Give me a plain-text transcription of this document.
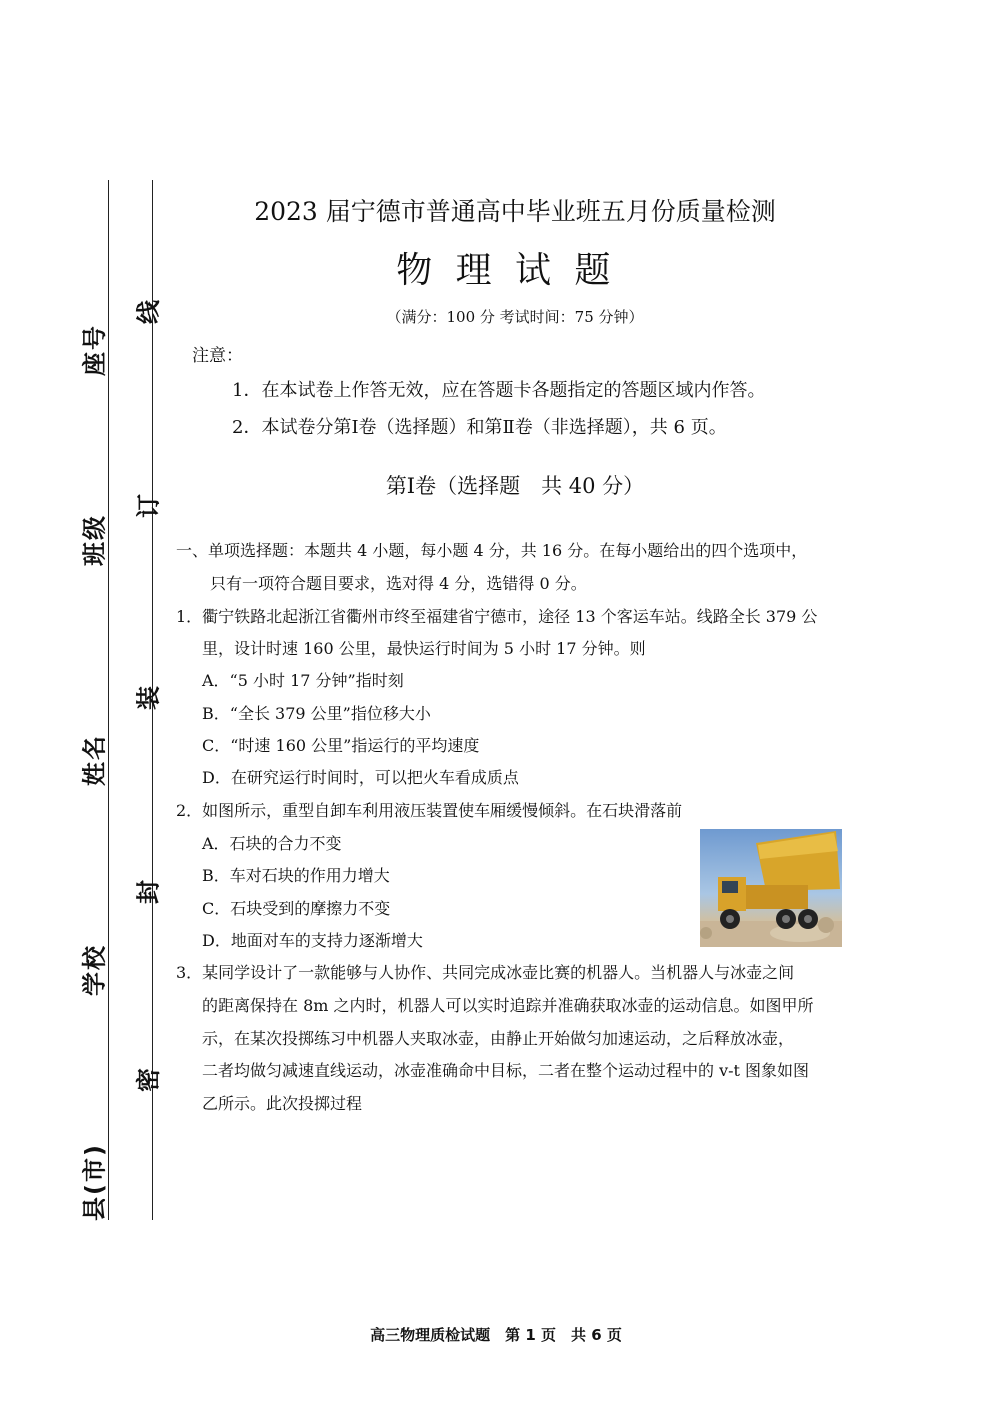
座号
班级
姓名
学校
县(市)
线
订
装
封
密
2023 届宁德市普通高中毕业班五月份质量检测
物理试题
（满分：100 分 考试时间：75 分钟）
注意：
1．在本试卷上作答无效，应在答题卡各题指定的答题区域内作答。
2．本试卷分第Ⅰ卷（选择题）和第Ⅱ卷（非选择题），共 6 页。
第Ⅰ卷（选择题　共 40 分）
一、单项选择题：本题共 4 小题，每小题 4 分，共 16 分。在每小题给出的四个选项中，
只有一项符合题目要求，选对得 4 分，选错得 0 分。
1．衢宁铁路北起浙江省衢州市终至福建省宁德市，途径 13 个客运车站。线路全长 379 公
里，设计时速 160 公里，最快运行时间为 5 小时 17 分钟。则
A．“5 小时 17 分钟”指时刻
B．“全长 379 公里”指位移大小
C．“时速 160 公里”指运行的平均速度
D．在研究运行时间时，可以把火车看成质点
2．如图所示，重型自卸车利用液压装置使车厢缓慢倾斜。在石块滑落前
A．石块的合力不变
B．车对石块的作用力增大
C．石块受到的摩擦力不变
D．地面对车的支持力逐渐增大
3．某同学设计了一款能够与人协作、共同完成冰壶比赛的机器人。当机器人与冰壶之间
的距离保持在 8m 之内时，机器人可以实时追踪并准确获取冰壶的运动信息。如图甲所
示，在某次投掷练习中机器人夹取冰壶，由静止开始做匀加速运动，之后释放冰壶，
二者均做匀减速直线运动，冰壶准确命中目标，二者在整个运动过程中的 v-t 图象如图
乙所示。此次投掷过程
高三物理质检试题　第 1 页　共 6 页
